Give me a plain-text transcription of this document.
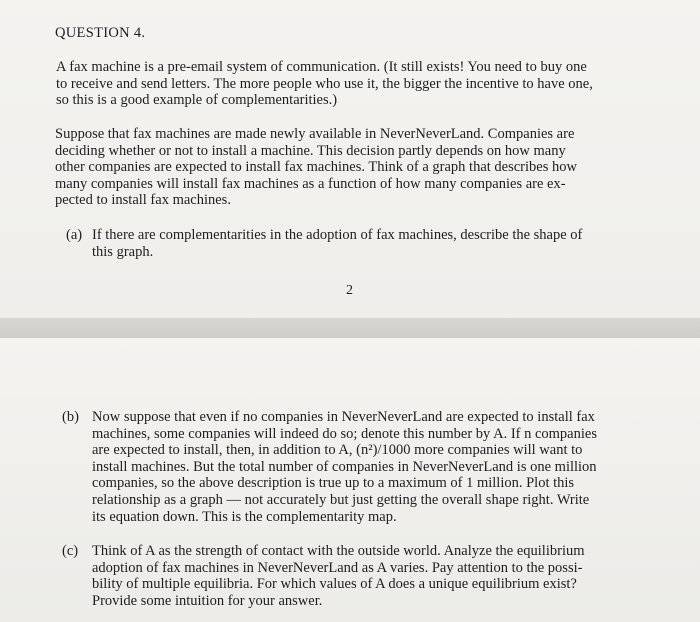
QUESTION 4.
A fax machine is a pre-email system of communication. (It still exists! You need to buy one
to receive and send letters. The more people who use it, the bigger the incentive to have one,
so this is a good example of complementarities.)
Suppose that fax machines are made newly available in NeverNeverLand. Companies are
deciding whether or not to install a machine. This decision partly depends on how many
other companies are expected to install fax machines. Think of a graph that describes how
many companies will install fax machines as a function of how many companies are ex-
pected to install fax machines.
(a) If there are complementarities in the adoption of fax machines, describe the shape of
this graph.
2
(b) Now suppose that even if no companies in NeverNeverLand are expected to install fax
machines, some companies will indeed do so; denote this number by A. If n companies
are expected to install, then, in addition to A, (n²)/1000 more companies will want to
install machines. But the total number of companies in NeverNeverLand is one million
companies, so the above description is true up to a maximum of 1 million. Plot this
relationship as a graph — not accurately but just getting the overall shape right. Write
its equation down. This is the complementarity map.
(c) Think of A as the strength of contact with the outside world. Analyze the equilibrium
adoption of fax machines in NeverNeverLand as A varies. Pay attention to the possi-
bility of multiple equilibria. For which values of A does a unique equilibrium exist?
Provide some intuition for your answer.
